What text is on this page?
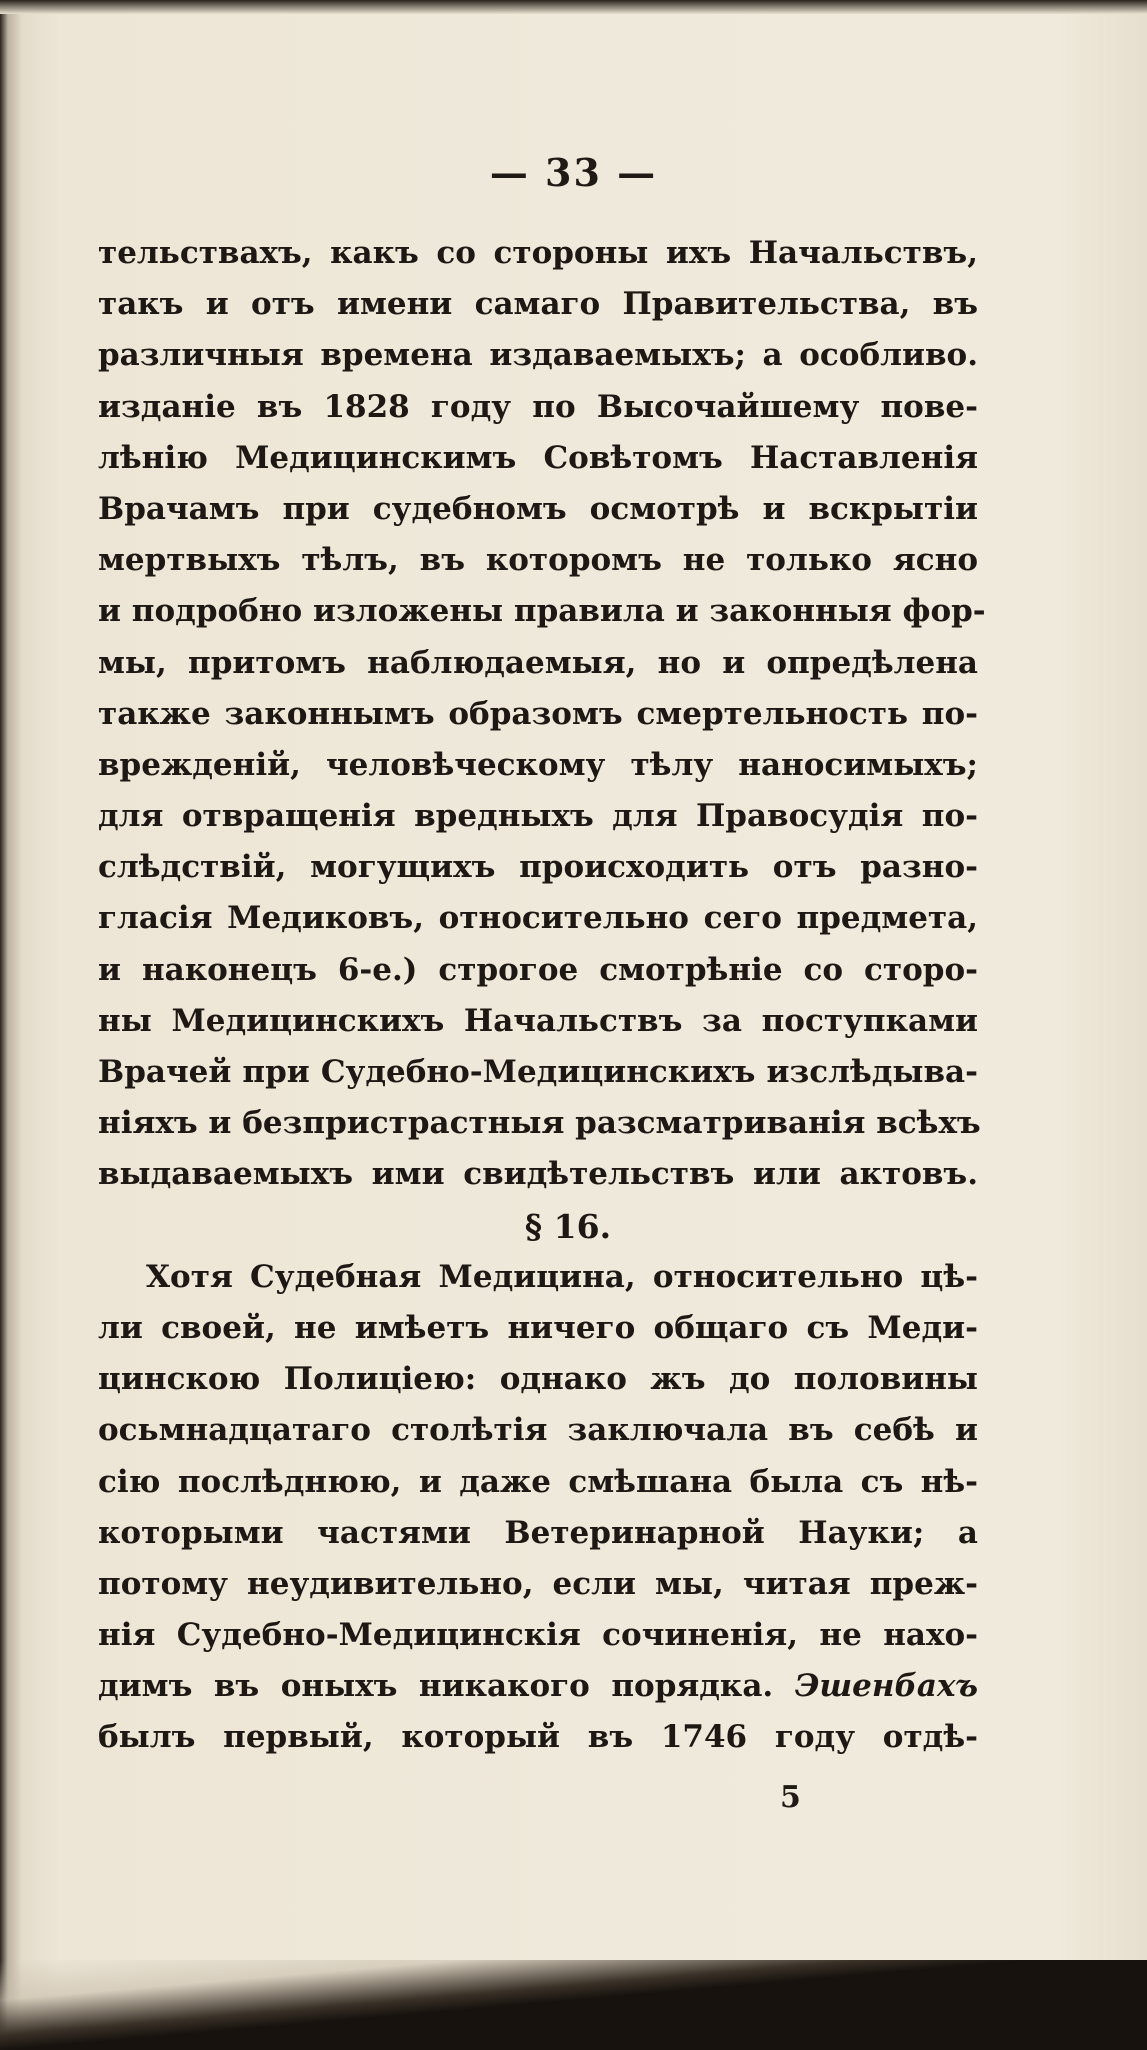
— 33 —
тельствахъ, какъ со стороны ихъ Начальствъ,
такъ и отъ имени самаго Правительства, въ
различныя времена издаваемыхъ; а особливо.
изданіе въ 1828 году по Высочайшему пове-
лѣнію Медицинскимъ Совѣтомъ Наставленія
Врачамъ при судебномъ осмотрѣ и вскрытіи
мертвыхъ тѣлъ, въ которомъ не только ясно
и подробно изложены правила и законныя фор-
мы, притомъ наблюдаемыя, но и опредѣлена
также законнымъ образомъ смертельность по-
врежденій, человѣческому тѣлу наносимыхъ;
для отвращенія вредныхъ для Правосудія по-
слѣдствій, могущихъ происходить отъ разно-
гласія Медиковъ, относительно сего предмета,
и наконецъ 6-е.) строгое смотрѣніе со сторо-
ны Медицинскихъ Начальствъ за поступками
Врачей при Судебно-Медицинскихъ изслѣдыва-
ніяхъ и безпристрастныя разсматриванія всѣхъ
выдаваемыхъ ими свидѣтельствъ или актовъ.
§ 16.
Хотя Судебная Медицина, относительно цѣ-
ли своей, не имѣетъ ничего общаго съ Меди-
цинскою Полиціею: однако жъ до половины
осьмнадцатаго столѣтія заключала въ себѣ и
сію послѣднюю, и даже смѣшана была съ нѣ-
которыми частями Ветеринарной Науки; а
потому неудивительно, если мы, читая преж-
нія Судебно-Медицинскія сочиненія, не нахо-
димъ въ оныхъ никакого порядка. Эшенбахъ
былъ первый, который въ 1746 году отдѣ-
5
